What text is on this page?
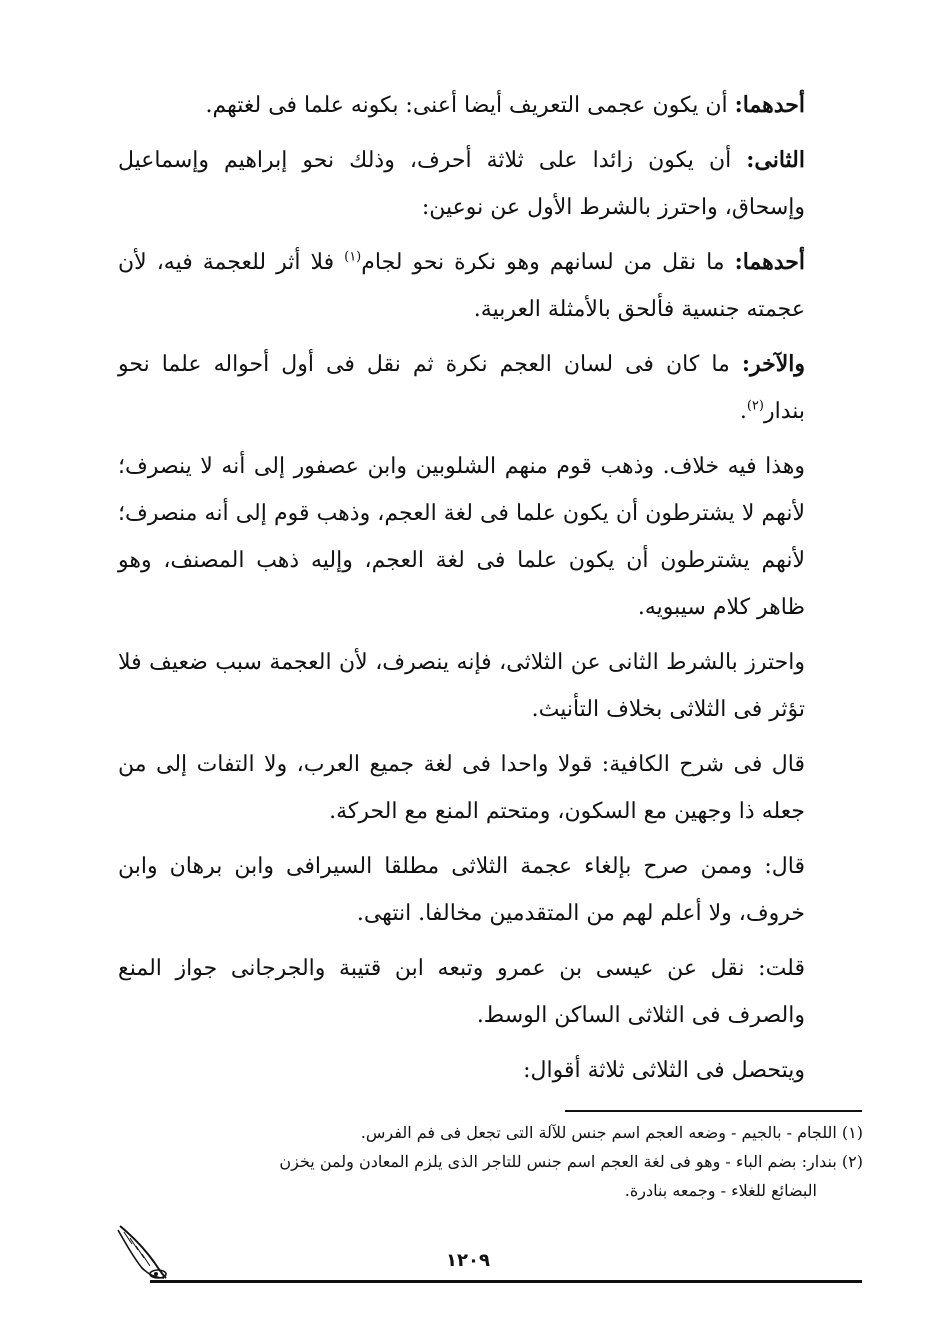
أحدهما: أن يكون عجمى التعريف أيضا أعنى: بكونه علما فى لغتهم.

الثانى: أن يكون زائدا على ثلاثة أحرف، وذلك نحو إبراهيم وإسماعيل وإسحاق، واحترز بالشرط الأول عن نوعين:

أحدهما: ما نقل من لسانهم وهو نكرة نحو لجام$^{(١)}$ فلا أثر للعجمة فيه، لأن عجمته جنسية فألحق بالأمثلة العربية.

والآخر: ما كان فى لسان العجم نكرة ثم نقل فى أول أحواله علما نحو بندار$^{(٢)}$.

وهذا فيه خلاف. وذهب قوم منهم الشلوبين وابن عصفور إلى أنه لا ينصرف؛ لأنهم لا يشترطون أن يكون علما فى لغة العجم، وذهب قوم إلى أنه منصرف؛ لأنهم يشترطون أن يكون علما فى لغة العجم، وإليه ذهب المصنف، وهو ظاهر كلام سيبويه.

واحترز بالشرط الثانى عن الثلاثى، فإنه ينصرف، لأن العجمة سبب ضعيف فلا تؤثر فى الثلاثى بخلاف التأنيث.

قال فى شرح الكافية: قولا واحدا فى لغة جميع العرب، ولا التفات إلى من جعله ذا وجهين مع السكون، ومتحتم المنع مع الحركة.

قال: وممن صرح بإلغاء عجمة الثلاثى مطلقا السيرافى وابن برهان وابن خروف، ولا أعلم لهم من المتقدمين مخالفا. انتهى.

قلت: نقل عن عيسى بن عمرو وتبعه ابن قتيبة والجرجانى جواز المنع والصرف فى الثلاثى الساكن الوسط.

ويتحصل فى الثلاثى ثلاثة أقوال:

(١) اللجام - بالجيم - وضعه العجم اسم جنس للآلة التى تجعل فى فم الفرس.

(٢) بندار: بضم الباء - وهو فى لغة العجم اسم جنس للتاجر الذى يلزم المعادن ولمن يخزن

البضائع للغلاء - وجمعه بنادرة.

١٢٠٩
